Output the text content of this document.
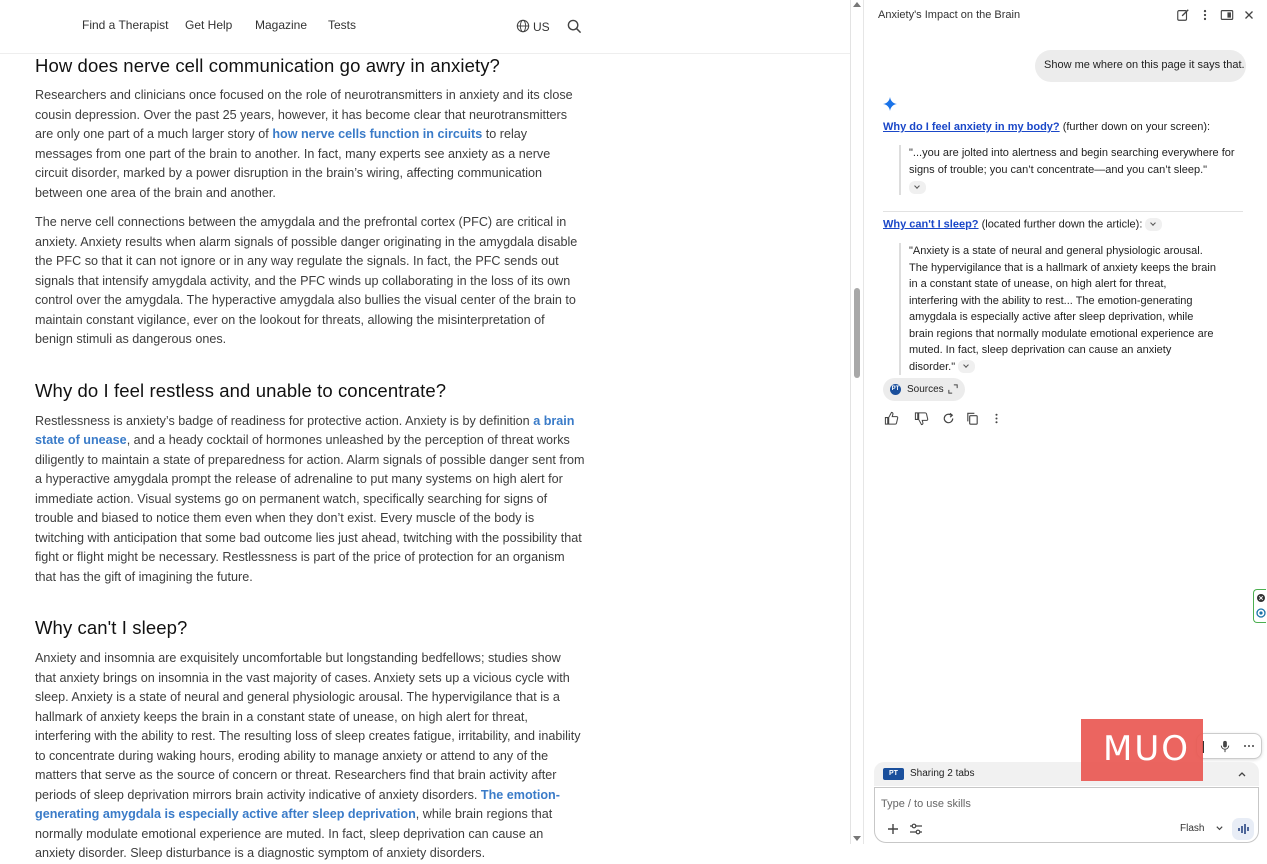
Find a Therapist Get Help Magazine Tests	US
How does nerve cell communication go awry in anxiety?

Researchers and clinicians once focused on the role of neurotransmitters in anxiety and its close cousin depression. Over the past 25 years, however, it has become clear that neurotransmitters are only one part of a much larger story of how nerve cells function in circuits to relay messages from one part of the brain to another. In fact, many experts see anxiety as a nerve circuit disorder, marked by a power disruption in the brain’s wiring, affecting communication between one area of the brain and another.

The nerve cell connections between the amygdala and the prefrontal cortex (PFC) are critical in anxiety. Anxiety results when alarm signals of possible danger originating in the amygdala disable the PFC so that it can not ignore or in any way regulate the signals. In fact, the PFC sends out signals that intensify amygdala activity, and the PFC winds up collaborating in the loss of its own control over the amygdala. The hyperactive amygdala also bullies the visual center of the brain to maintain constant vigilance, ever on the lookout for threats, allowing the misinterpretation of benign stimuli as dangerous ones.

Why do I feel restless and unable to concentrate?

Restlessness is anxiety’s badge of readiness for protective action. Anxiety is by definition a brain state of unease, and a heady cocktail of hormones unleashed by the perception of threat works diligently to maintain a state of preparedness for action. Alarm signals of possible danger sent from a hyperactive amygdala prompt the release of adrenaline to put many systems on high alert for immediate action. Visual systems go on permanent watch, specifically searching for signs of trouble and biased to notice them even when they don’t exist. Every muscle of the body is twitching with anticipation that some bad outcome lies just ahead, twitching with the possibility that fight or flight might be necessary. Restlessness is part of the price of protection for an organism that has the gift of imagining the future.

Why can't I sleep?

Anxiety and insomnia are exquisitely uncomfortable but longstanding bedfellows; studies show that anxiety brings on insomnia in the vast majority of cases. Anxiety sets up a vicious cycle with sleep. Anxiety is a state of neural and general physiologic arousal. The hypervigilance that is a hallmark of anxiety keeps the brain in a constant state of unease, on high alert for threat, interfering with the ability to rest. The resulting loss of sleep creates fatigue, irritability, and inability to concentrate during waking hours, eroding ability to manage anxiety or attend to any of the matters that serve as the source of concern or threat. Researchers find that brain activity after periods of sleep deprivation mirrors brain activity indicative of anxiety disorders. The emotion-generating amygdala is especially active after sleep deprivation, while brain regions that normally modulate emotional experience are muted. In fact, sleep deprivation can cause an anxiety disorder. Sleep disturbance is a diagnostic symptom of anxiety disorders.

Anxiety's Impact on the Brain
Show me where on this page it says that.
Why do I feel anxiety in my body? (further down on your screen):
"...you are jolted into alertness and begin searching everywhere for signs of trouble; you can’t concentrate—and you can’t sleep."
Why can't I sleep? (located further down the article):
"Anxiety is a state of neural and general physiologic arousal. The hypervigilance that is a hallmark of anxiety keeps the brain in a constant state of unease, on high alert for threat, interfering with the ability to rest... The emotion-generating amygdala is especially active after sleep deprivation, while brain regions that normally modulate emotional experience are muted. In fact, sleep deprivation can cause an anxiety disorder."
PT Sources
PT	Sharing 2 tabs
Type / to use skills
Flash
MUO
